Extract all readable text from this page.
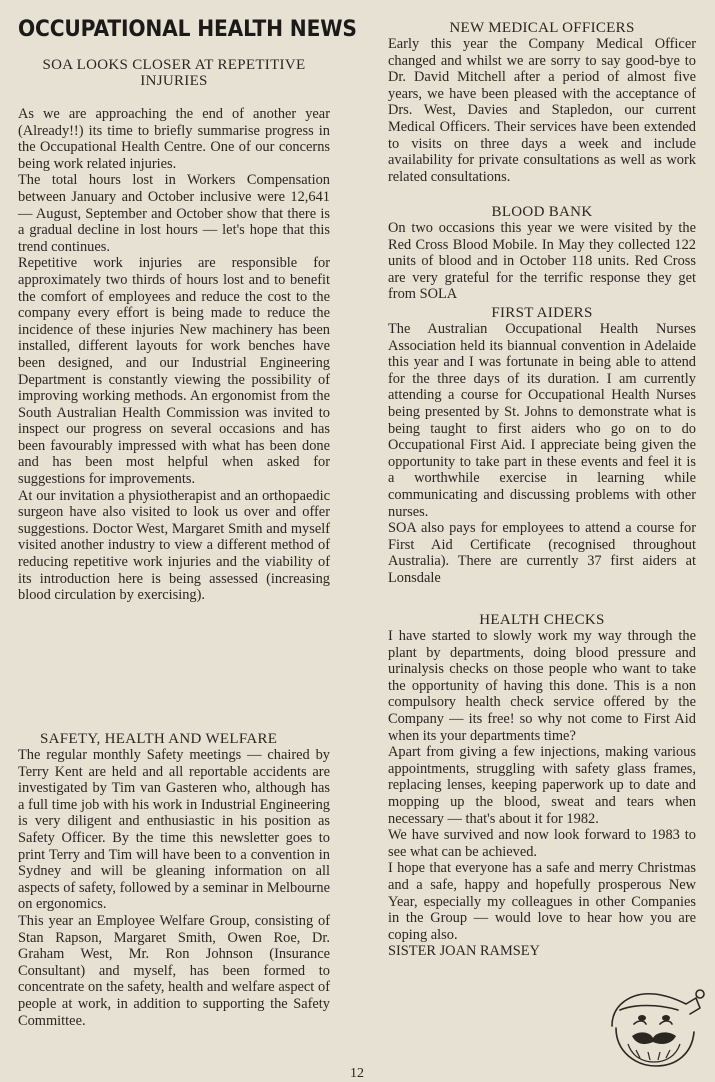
OCCUPATIONAL HEALTH NEWS
SOA LOOKS CLOSER AT REPETITIVE INJURIES

As we are approaching the end of another year (Already!!) its time to briefly summarise progress in the Occupational Health Centre. One of our concerns being work related injuries.

The total hours lost in Workers Compensation between January and October inclusive were 12,641 — August, September and October show that there is a gradual decline in lost hours — let's hope that this trend continues.

Repetitive work injuries are responsible for approximately two thirds of hours lost and to benefit the comfort of employees and reduce the cost to the company every effort is being made to reduce the incidence of these injuries New machinery has been installed, different layouts for work benches have been designed, and our Industrial Engineering Department is constantly viewing the possibility of improving working methods. An ergonomist from the South Australian Health Commission was invited to inspect our progress on several occasions and has been favourably impressed with what has been done and has been most helpful when asked for suggestions for improvements.

At our invitation a physiotherapist and an orthopaedic surgeon have also visited to look us over and offer suggestions. Doctor West, Margaret Smith and myself visited another industry to view a different method of reducing repetitive work injuries and the viability of its introduction here is being assessed (increasing blood circulation by exercising).

SAFETY, HEALTH AND WELFARE

The regular monthly Safety meetings — chaired by Terry Kent are held and all reportable accidents are investigated by Tim van Gasteren who, although has a full time job with his work in Industrial Engineering is very diligent and enthusiastic in his position as Safety Officer. By the time this newsletter goes to print Terry and Tim will have been to a convention in Sydney and will be gleaning information on all aspects of safety, followed by a seminar in Melbourne on ergonomics.

This year an Employee Welfare Group, consisting of Stan Rapson, Margaret Smith, Owen Roe, Dr. Graham West, Mr. Ron Johnson (Insurance Consultant) and myself, has been formed to concentrate on the safety, health and welfare aspect of people at work, in addition to supporting the Safety Committee.

NEW MEDICAL OFFICERS

Early this year the Company Medical Officer changed and whilst we are sorry to say good-bye to Dr. David Mitchell after a period of almost five years, we have been pleased with the acceptance of Drs. West, Davies and Stapledon, our current Medical Officers. Their services have been extended to visits on three days a week and include availability for private consultations as well as work related consultations.

BLOOD BANK

On two occasions this year we were visited by the Red Cross Blood Mobile. In May they collected 122 units of blood and in October 118 units. Red Cross are very grateful for the terrific response they get from SOLA

FIRST AIDERS

The Australian Occupational Health Nurses Association held its biannual convention in Adelaide this year and I was fortunate in being able to attend for the three days of its duration. I am currently attending a course for Occupational Health Nurses being presented by St. Johns to demonstrate what is being taught to first aiders who go on to do Occupational First Aid. I appreciate being given the opportunity to take part in these events and feel it is a worthwhile exercise in learning while communicating and discussing problems with other nurses.

SOA also pays for employees to attend a course for First Aid Certificate (recognised throughout Australia). There are currently 37 first aiders at Lonsdale

HEALTH CHECKS

I have started to slowly work my way through the plant by departments, doing blood pressure and urinalysis checks on those people who want to take the opportunity of having this done. This is a non compulsory health check service offered by the Company — its free! so why not come to First Aid when its your departments time?

Apart from giving a few injections, making various appointments, struggling with safety glass frames, replacing lenses, keeping paperwork up to date and mopping up the blood, sweat and tears when necessary — that's about it for 1982.

We have survived and now look forward to 1983 to see what can be achieved.

I hope that everyone has a safe and merry Christmas and a safe, happy and hopefully prosperous New Year, especially my colleagues in other Companies in the Group — would love to hear how you are coping also.

SISTER JOAN RAMSEY
12
